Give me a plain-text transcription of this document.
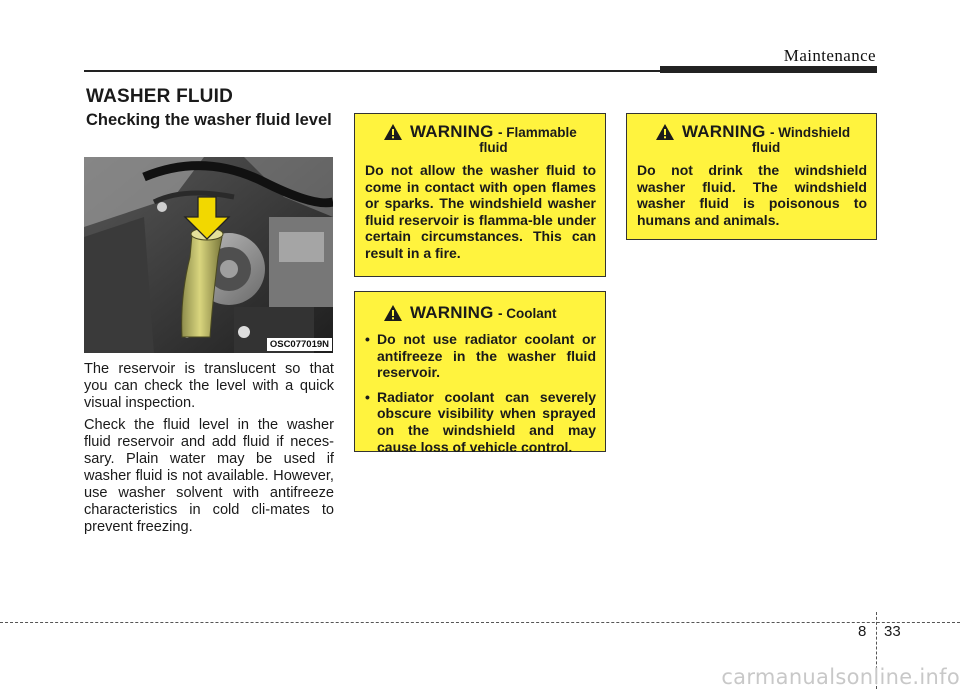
Maintenance
WASHER FLUID
Checking the washer fluid level
OSC077019N
The reservoir is translucent so that you can check the level with a quick visual inspection.
Check the fluid level in the washer fluid reservoir and add fluid if neces-sary. Plain water may be used if washer fluid is not available. However, use washer solvent with antifreeze characteristics in cold cli-mates to prevent freezing.
WARNING - Flammable
fluid
Do not allow the washer fluid to come in contact with open flames or sparks. The windshield washer fluid reservoir is flamma-ble under certain circumstances. This can result in a fire.
WARNING - Coolant
• Do not use radiator coolant or antifreeze in the washer fluid reservoir.
• Radiator coolant can severely obscure visibility when sprayed on the windshield and may cause loss of vehicle control.
WARNING - Windshield
fluid
Do not drink the windshield washer fluid. The windshield washer fluid is poisonous to humans and animals.
8 33
carmanualsonline.info
